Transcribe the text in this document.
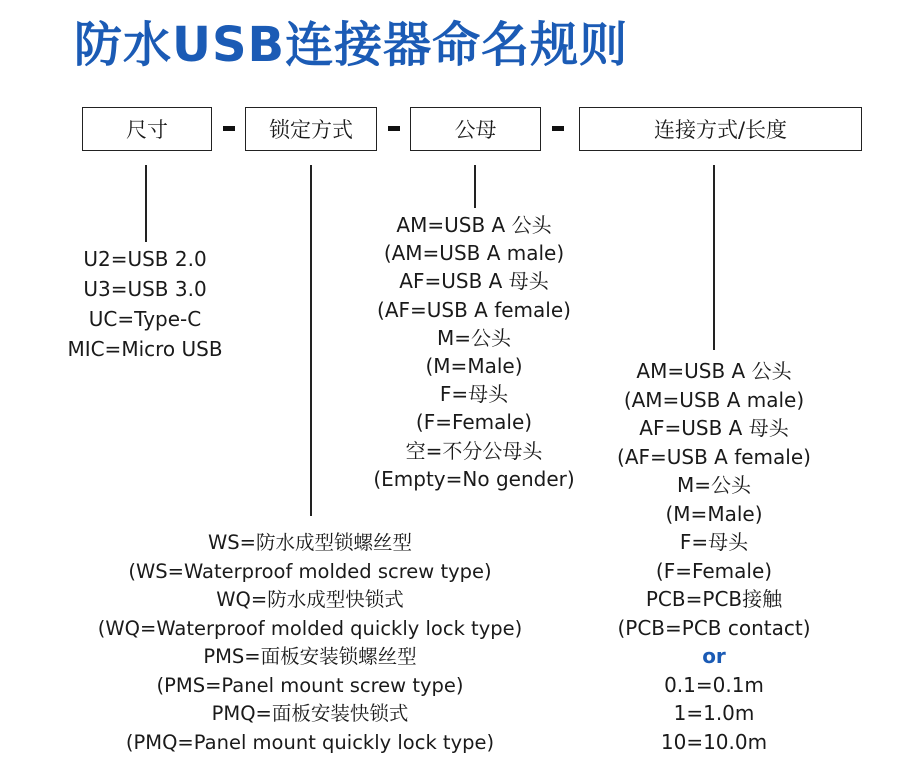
防水USB连接器命名规则
尺寸	锁定方式	公母	连接方式/长度
U2=USB 2.0
U3=USB 3.0
UC=Type-C
MIC=Micro USB
AM=USB A 公头
(AM=USB A male)
AF=USB A 母头
(AF=USB A female)
M=公头
(M=Male)
F=母头
(F=Female)
空=不分公母头
(Empty=No gender)
WS=防水成型锁螺丝型
(WS=Waterproof molded screw type)
WQ=防水成型快锁式
(WQ=Waterproof molded quickly lock type)
PMS=面板安装锁螺丝型
(PMS=Panel mount screw type)
PMQ=面板安装快锁式
(PMQ=Panel mount quickly lock type)
AM=USB A 公头
(AM=USB A male)
AF=USB A 母头
(AF=USB A female)
M=公头
(M=Male)
F=母头
(F=Female)
PCB=PCB接触
(PCB=PCB contact)
or
0.1=0.1m
1=1.0m
10=10.0m
